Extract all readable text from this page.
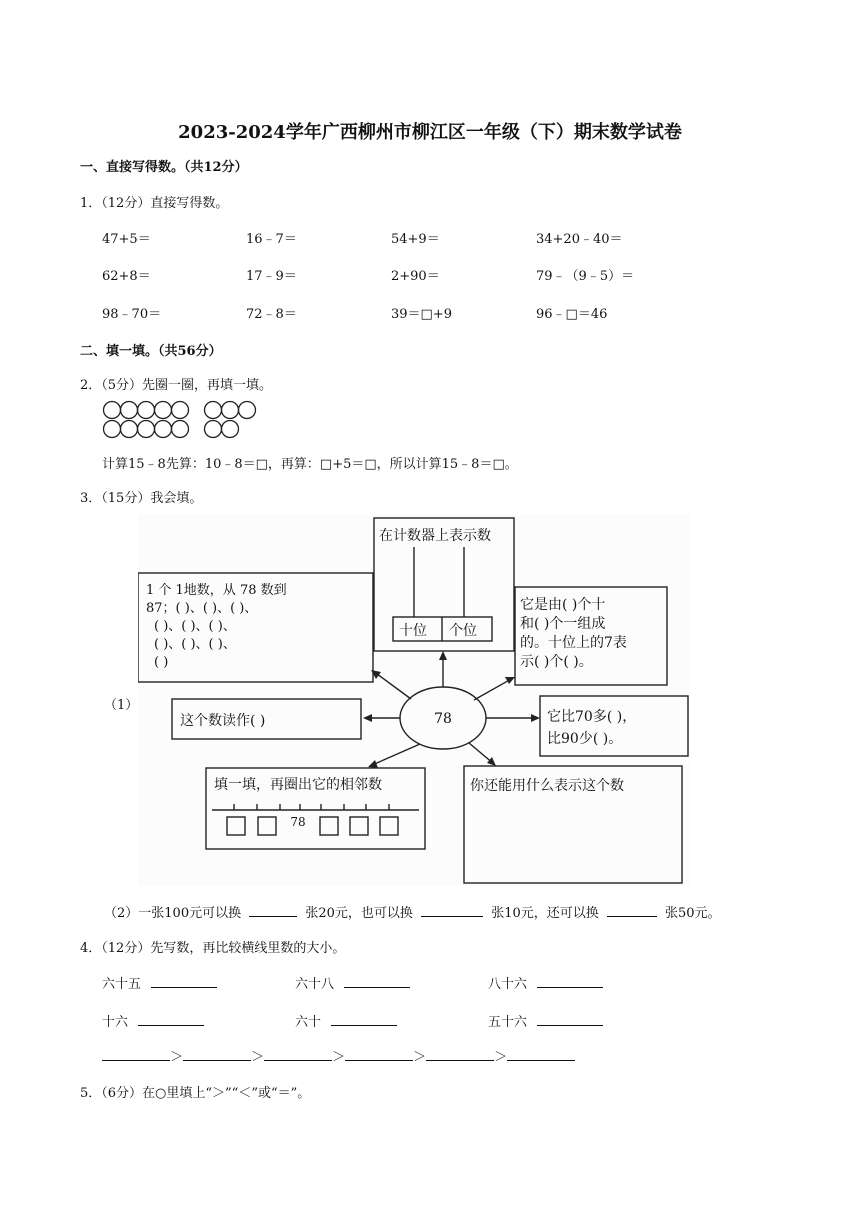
2023-2024学年广西柳州市柳江区一年级（下）期末数学试卷
一、直接写得数。（共12分）
1．（12分）直接写得数。
47+5＝	16﹣7＝	54+9＝	34+20﹣40＝
62+8＝	17﹣9＝	2+90＝	79﹣（9﹣5）＝
98﹣70＝	72﹣8＝	39＝□+9	96﹣□＝46
二、填一填。（共56分）
2．（5分）先圈一圈，再填一填。
计算15﹣8先算：10﹣8＝□，再算：□+5＝□，所以计算15﹣8＝□。
3．（15分）我会填。
（1）
在计数器上表示数
十位 个位
1 个 1地数，从 78 数到
87；( )、( )、( )、
( )、( )、( )、
( )、( )、( )、
( )
它是由( )个十
和( )个一组成
的。十位上的7表
示( )个( )。
这个数读作( )	它比70多( )，
比90少( )。
78
填一填，再圈出它的相邻数
78
你还能用什么表示这个数
（2）一张100元可以换	张20元，也可以换	张10元，还可以换	张50元。
4．（12分）先写数，再比较横线里数的大小。
六十五	六十八	八十六
十六	六十	五十六
＞	＞	＞	＞	＞
5．（6分）在○里填上“＞”“＜”或“＝”。
